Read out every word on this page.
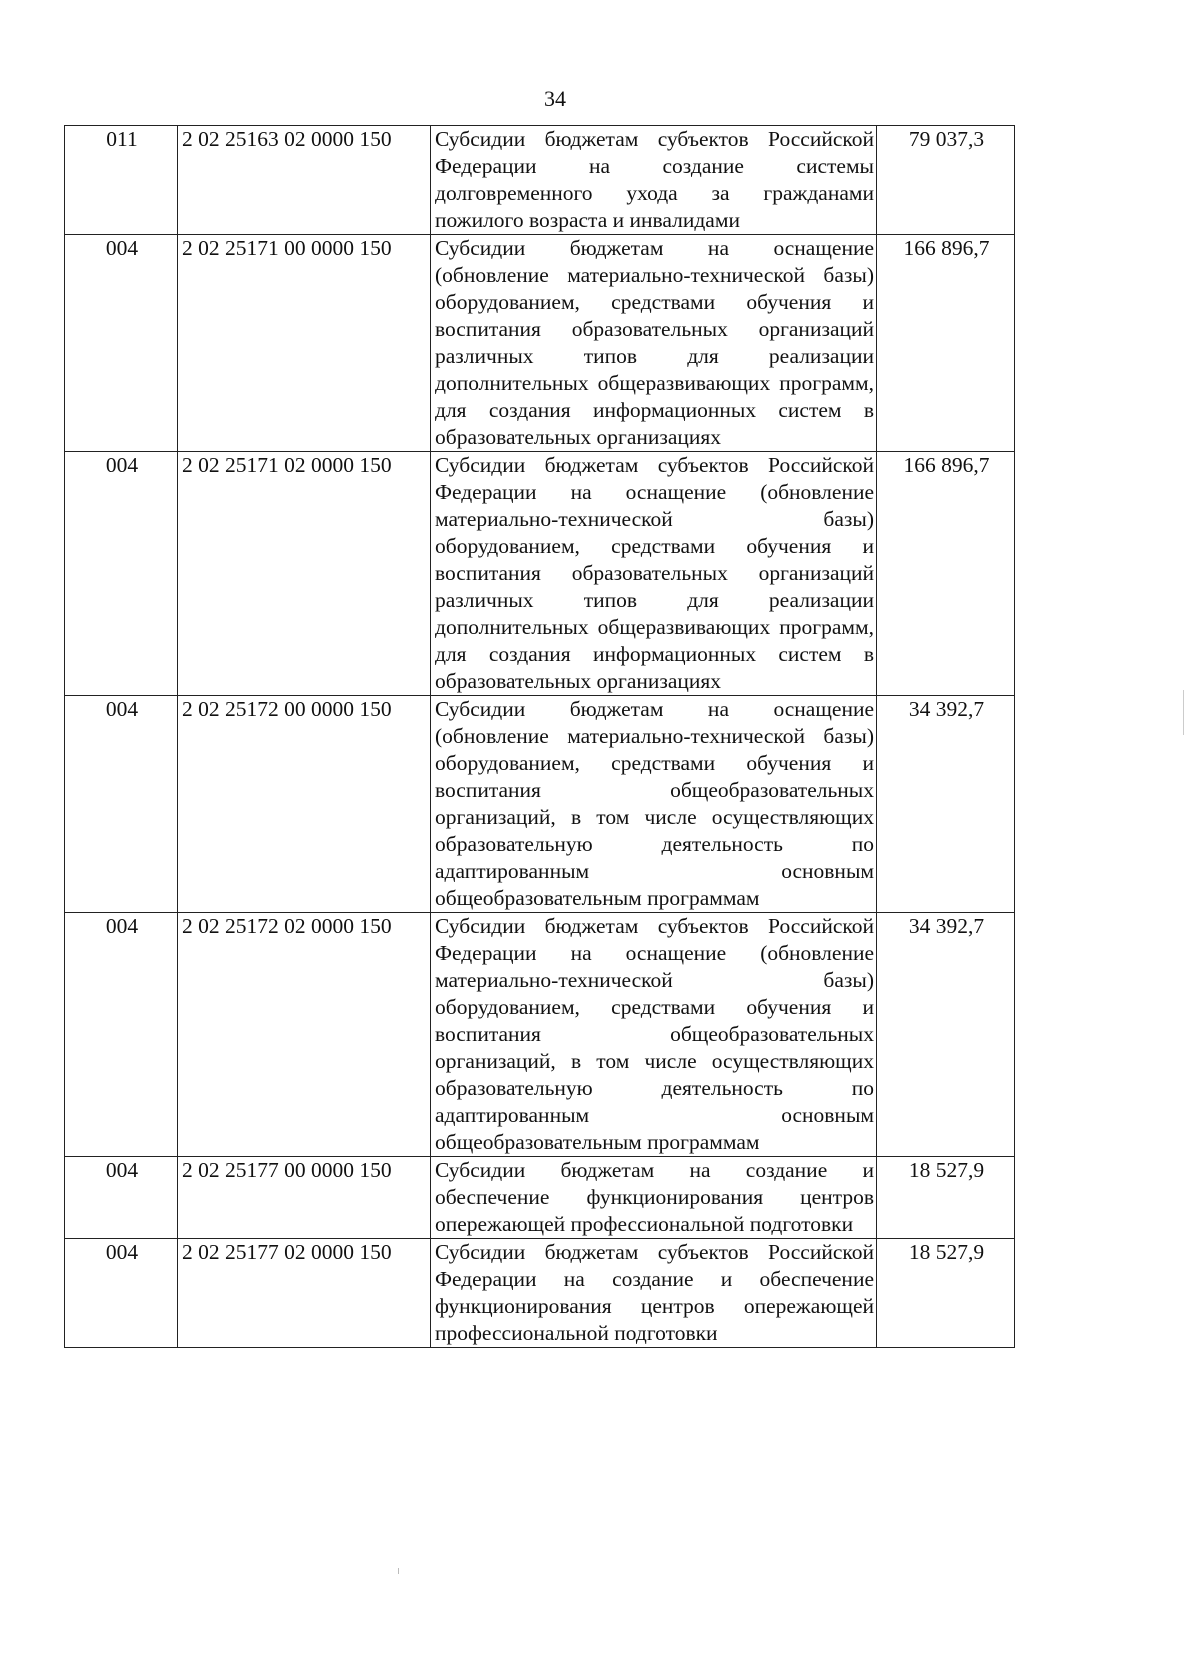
34
011	2 02 25163 02 0000 150	Субсидии бюджетам субъектов Российской Федерации на создание системы долговременного ухода за гражданами пожилого возраста и инвалидами	79 037,3
004	2 02 25171 00 0000 150	Субсидии бюджетам на оснащение (обновление материально-технической базы) оборудованием, средствами обучения и воспитания образовательных организаций различных типов для реализации дополнительных общеразвивающих программ, для создания информационных систем в образовательных организациях	166 896,7
004	2 02 25171 02 0000 150	Субсидии бюджетам субъектов Российской Федерации на оснащение (обновление материально-технической базы) оборудованием, средствами обучения и воспитания образовательных организаций различных типов для реализации дополнительных общеразвивающих программ, для создания информационных систем в образовательных организациях	166 896,7
004	2 02 25172 00 0000 150	Субсидии бюджетам на оснащение (обновление материально-технической базы) оборудованием, средствами обучения и воспитания общеобразовательных организаций, в том числе осуществляющих образовательную деятельность по адаптированным основным общеобразовательным программам	34 392,7
004	2 02 25172 02 0000 150	Субсидии бюджетам субъектов Российской Федерации на оснащение (обновление материально-технической базы) оборудованием, средствами обучения и воспитания общеобразовательных организаций, в том числе осуществляющих образовательную деятельность по адаптированным основным общеобразовательным программам	34 392,7
004	2 02 25177 00 0000 150	Субсидии бюджетам на создание и обеспечение функционирования центров опережающей профессиональной подготовки	18 527,9
004	2 02 25177 02 0000 150	Субсидии бюджетам субъектов Российской Федерации на создание и обеспечение функционирования центров опережающей профессиональной подготовки	18 527,9
